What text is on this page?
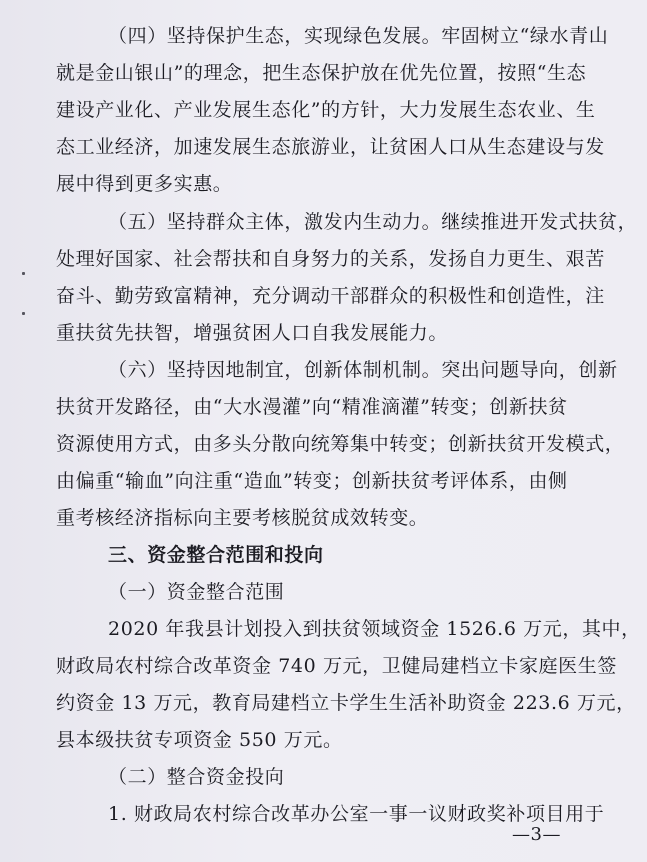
（四）坚持保护生态，实现绿色发展。牢固树立“绿水青山
就是金山银山”的理念，把生态保护放在优先位置，按照“生态
建设产业化、产业发展生态化”的方针，大力发展生态农业、生
态工业经济，加速发展生态旅游业，让贫困人口从生态建设与发
展中得到更多实惠。
（五）坚持群众主体，激发内生动力。继续推进开发式扶贫，
处理好国家、社会帮扶和自身努力的关系，发扬自力更生、艰苦
奋斗、勤劳致富精神，充分调动干部群众的积极性和创造性，注
重扶贫先扶智，增强贫困人口自我发展能力。
（六）坚持因地制宜，创新体制机制。突出问题导向，创新
扶贫开发路径，由“大水漫灌”向“精准滴灌”转变；创新扶贫
资源使用方式，由多头分散向统筹集中转变；创新扶贫开发模式，
由偏重“输血”向注重“造血”转变；创新扶贫考评体系，由侧
重考核经济指标向主要考核脱贫成效转变。
三、资金整合范围和投向
（一）资金整合范围
2020 年我县计划投入到扶贫领域资金 1526.6 万元，其中，
财政局农村综合改革资金 740 万元，卫健局建档立卡家庭医生签
约资金 13 万元，教育局建档立卡学生生活补助资金 223.6 万元，
县本级扶贫专项资金 550 万元。
（二）整合资金投向
1. 财政局农村综合改革办公室一事一议财政奖补项目用于
—3—
